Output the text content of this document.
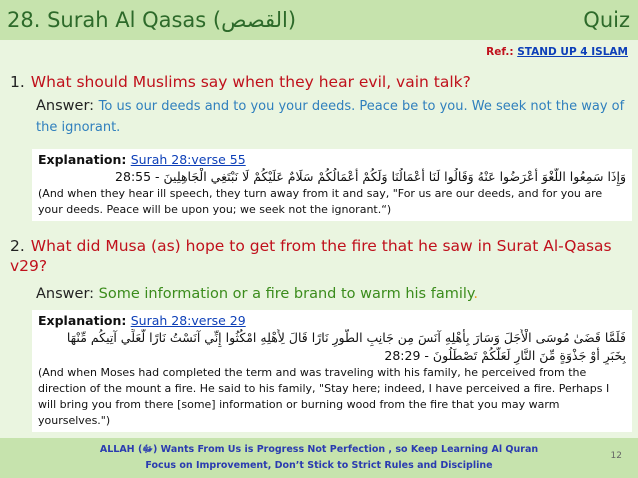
28. Surah Al Qasas (القصص)	Quiz
Ref.: STAND UP 4 ISLAM
1. What should Muslims say when they hear evil, vain talk?
Answer: To us our deeds and to you your deeds. Peace be to you. We seek not the way of the ignorant.
Explanation: Surah 28:verse 55
وَإِذَا سَمِعُوا اللَّغْوَ أَعْرَضُوا عَنْهُ وَقَالُوا لَنَا أَعْمَالُنَا وَلَكُمْ أَعْمَالُكُمْ سَلَامٌ عَلَيْكُمْ لَا نَبْتَغِي الْجَاهِلِينَ - 28:55
(And when they hear ill speech, they turn away from it and say, "For us are our deeds, and for you are your deeds. Peace will be upon you; we seek not the ignorant.“)
2. What did Musa (as) hope to get from the fire that he saw in Surat Al-Qasas v29?
Answer: Some information or a fire brand to warm his family.
Explanation: Surah 28:verse 29
فَلَمَّا قَضَىٰ مُوسَى الْأَجَلَ وَسَارَ بِأَهْلِهِ آنَسَ مِن جَانِبِ الطُّورِ نَارًا قَالَ لِأَهْلِهِ امْكُثُوا إِنِّي آنَسْتُ نَارًا لَّعَلِّي آتِيكُم مِّنْهَا
بِخَبَرٍ أَوْ جَذْوَةٍ مِّنَ النَّارِ لَعَلَّكُمْ تَصْطَلُونَ - 28:29
(And when Moses had completed the term and was traveling with his family, he perceived from the direction of the mount a fire. He said to his family, "Stay here; indeed, I have perceived a fire. Perhaps I will bring you from there [some] information or burning wood from the fire that you may warm yourselves.")
ALLAH (ﷻ) Wants From Us is Progress Not Perfection , so Keep Learning Al Quran
Focus on Improvement, Don’t Stick to Strict Rules and Discipline
12
